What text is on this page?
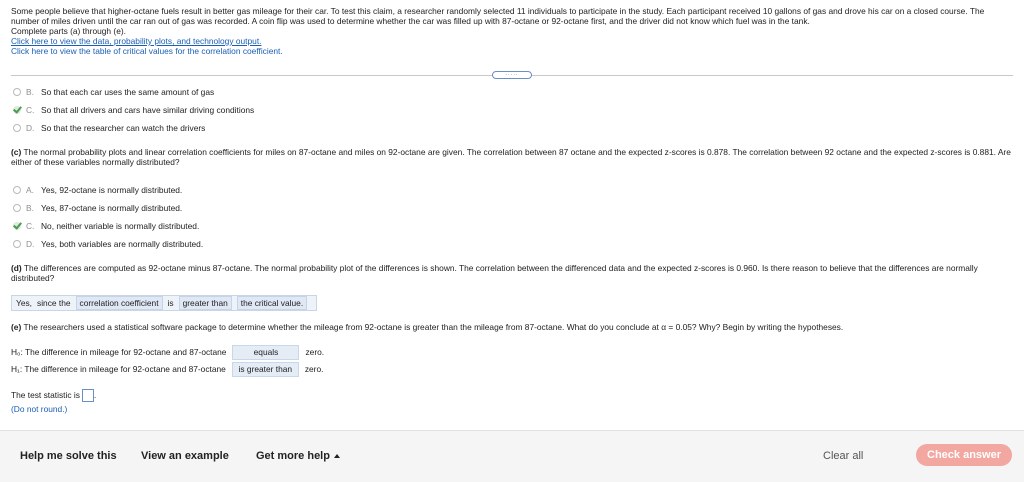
Some people believe that higher-octane fuels result in better gas mileage for their car. To test this claim, a researcher randomly selected 11 individuals to participate in the study. Each participant received 10 gallons of gas and drove his car on a closed course. The number of miles driven until the car ran out of gas was recorded. A coin flip was used to determine whether the car was filled up with 87-octane or 92-octane first, and the driver did not know which fuel was in the tank.

Complete parts (a) through (e).

Click here to view the data, probability plots, and technology output.
Click here to view the table of critical values for the correlation coefficient.
.....
B. So that each car uses the same amount of gas
C. So that all drivers and cars have similar driving conditions
D. So that the researcher can watch the drivers

(c) The normal probability plots and linear correlation coefficients for miles on 87-octane and miles on 92-octane are given. The correlation between 87 octane and the expected z-scores is 0.878. The correlation between 92 octane and the expected z-scores is 0.881. Are either of these variables normally distributed?

A. Yes, 92-octane is normally distributed.
B. Yes, 87-octane is normally distributed.
C. No, neither variable is normally distributed.
D. Yes, both variables are normally distributed.

(d) The differences are computed as 92-octane minus 87-octane. The normal probability plot of the differences is shown. The correlation between the differenced data and the expected z-scores is 0.960. Is there reason to believe that the differences are normally distributed?

Yes, since the	correlation coefficient	is	greater than	the critical value.

(e) The researchers used a statistical software package to determine whether the mileage from 92-octane is greater than the mileage from 87-octane. What do you conclude at α = 0.05? Why? Begin by writing the hypotheses.

H₀: The difference in mileage for 92-octane and 87-octane	equals	zero.
H₁: The difference in mileage for 92-octane and 87-octane	is greater than	zero.
The test statistic is .
(Do not round.)
Help me solve this View an example Get more help	Clear all	Check answer
